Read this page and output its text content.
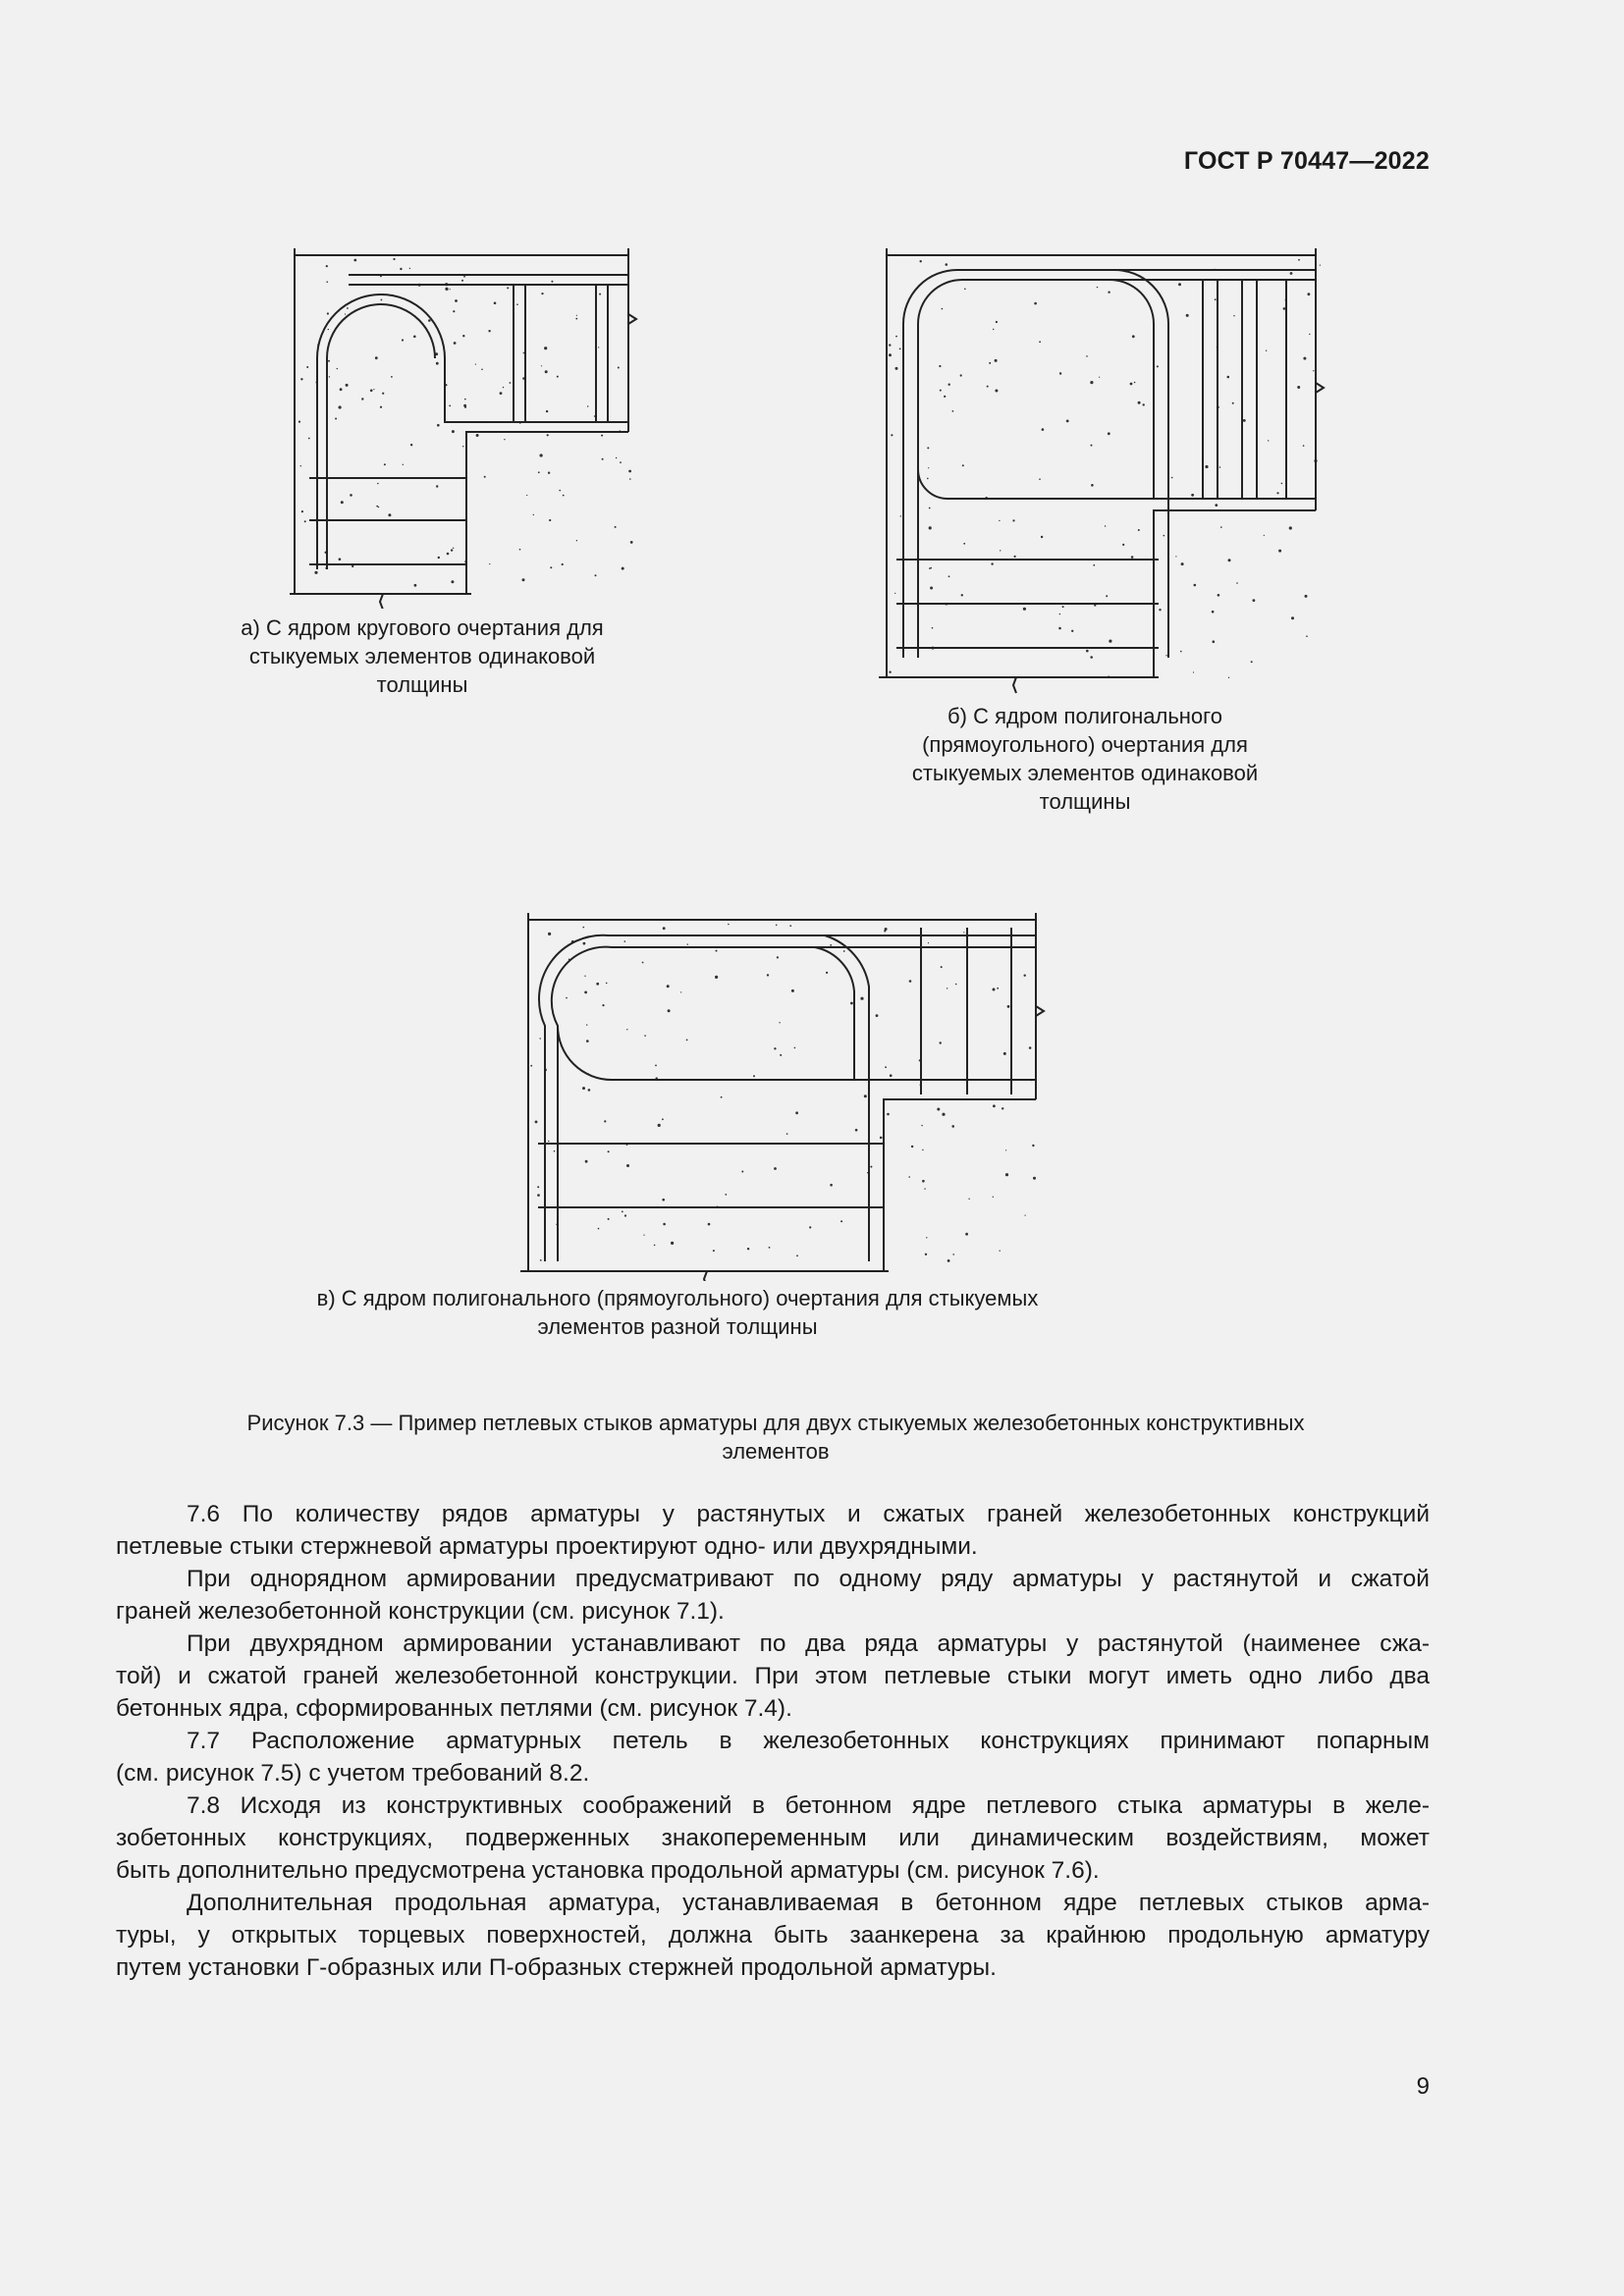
ГОСТ Р 70447—2022
а) С ядром кругового очертания для
стыкуемых элементов одинаковой
толщины
б) С ядром полигонального
(прямоугольного) очертания для
стыкуемых элементов одинаковой
толщины
в) С ядром полигонального (прямоугольного) очертания для стыкуемых
элементов разной толщины
Рисунок 7.3 — Пример петлевых стыков арматуры для двух стыкуемых железобетонных конструктивных
элементов

7.6 По количеству рядов арматуры у растянутых и сжатых граней железобетонных конструкций

петлевые стыки стержневой арматуры проектируют одно- или двухрядными.

При однорядном армировании предусматривают по одному ряду арматуры у растянутой и сжатой

граней железобетонной конструкции (см. рисунок 7.1).

При двухрядном армировании устанавливают по два ряда арматуры у растянутой (наименее сжа-

той) и сжатой граней железобетонной конструкции. При этом петлевые стыки могут иметь одно либо два

бетонных ядра, сформированных петлями (см. рисунок 7.4).

7.7 Расположение арматурных петель в железобетонных конструкциях принимают попарным

(см. рисунок 7.5) с учетом требований 8.2.

7.8 Исходя из конструктивных соображений в бетонном ядре петлевого стыка арматуры в желе-

зобетонных конструкциях, подверженных знакопеременным или динамическим воздействиям, может

быть дополнительно предусмотрена установка продольной арматуры (см. рисунок 7.6).

Дополнительная продольная арматура, устанавливаемая в бетонном ядре петлевых стыков арма-

туры, у открытых торцевых поверхностей, должна быть заанкерена за крайнюю продольную арматуру

путем установки Г-образных или П-образных стержней продольной арматуры.

9
